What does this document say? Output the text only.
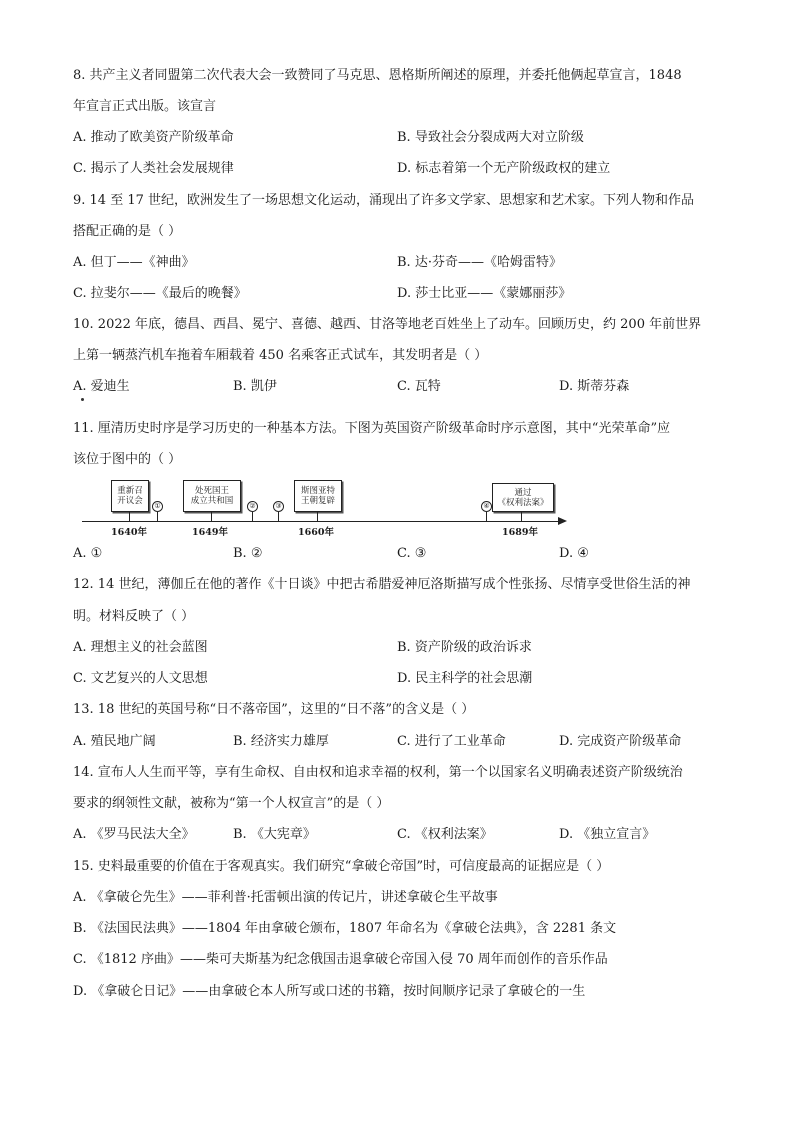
8. 共产主义者同盟第二次代表大会一致赞同了马克思、恩格斯所阐述的原理，并委托他俩起草宣言，1848
年宣言正式出版。该宣言
A. 推动了欧美资产阶级革命	B. 导致社会分裂成两大对立阶级
C. 揭示了人类社会发展规律	D. 标志着第一个无产阶级政权的建立
9. 14 至 17 世纪，欧洲发生了一场思想文化运动，涌现出了许多文学家、思想家和艺术家。下列人物和作品
搭配正确的是（ ）
A. 但丁——《神曲》	B. 达·芬奇——《哈姆雷特》
C. 拉斐尔——《最后的晚餐》	D. 莎士比亚——《蒙娜丽莎》
10. 2022 年底，德昌、西昌、冕宁、喜德、越西、甘洛等地老百姓坐上了动车。回顾历史，约 200 年前世界
上第一辆蒸汽机车拖着车厢载着 450 名乘客正式试车，其发明者是（ ）
A. 爱迪生	B. 凯伊	C. 瓦特	D. 斯蒂芬森
11. 厘清历史时序是学习历史的一种基本方法。下图为英国资产阶级革命时序示意图，其中“光荣革命”应
该位于图中的（ ）
重新召
开议会
1640年
①
处死国王
成立共和国
1649年
②	③
斯图亚特
王朝复辟
1660年
④
通过
《权利法案》
1689年
A. ①	B. ②	C. ③	D. ④
12. 14 世纪，薄伽丘在他的著作《十日谈》中把古希腊爱神厄洛斯描写成个性张扬、尽情享受世俗生活的神
明。材料反映了（ ）
A. 理想主义的社会蓝图	B. 资产阶级的政治诉求
C. 文艺复兴的人文思想	D. 民主科学的社会思潮
13. 18 世纪的英国号称“日不落帝国”，这里的“日不落”的含义是（ ）
A. 殖民地广阔	B. 经济实力雄厚	C. 进行了工业革命	D. 完成资产阶级革命
14. 宣布人人生而平等，享有生命权、自由权和追求幸福的权利，第一个以国家名义明确表述资产阶级统治
要求的纲领性文献，被称为“第一个人权宣言”的是（ ）
A. 《罗马民法大全》	B. 《大宪章》	C. 《权利法案》	D. 《独立宣言》
15. 史料最重要的价值在于客观真实。我们研究“拿破仑帝国”时，可信度最高的证据应是（ ）
A. 《拿破仑先生》——菲利普·托雷顿出演的传记片，讲述拿破仑生平故事
B. 《法国民法典》——1804 年由拿破仑颁布，1807 年命名为《拿破仑法典》，含 2281 条文
C. 《1812 序曲》——柴可夫斯基为纪念俄国击退拿破仑帝国入侵 70 周年而创作的音乐作品
D. 《拿破仑日记》——由拿破仑本人所写或口述的书籍，按时间顺序记录了拿破仑的一生
